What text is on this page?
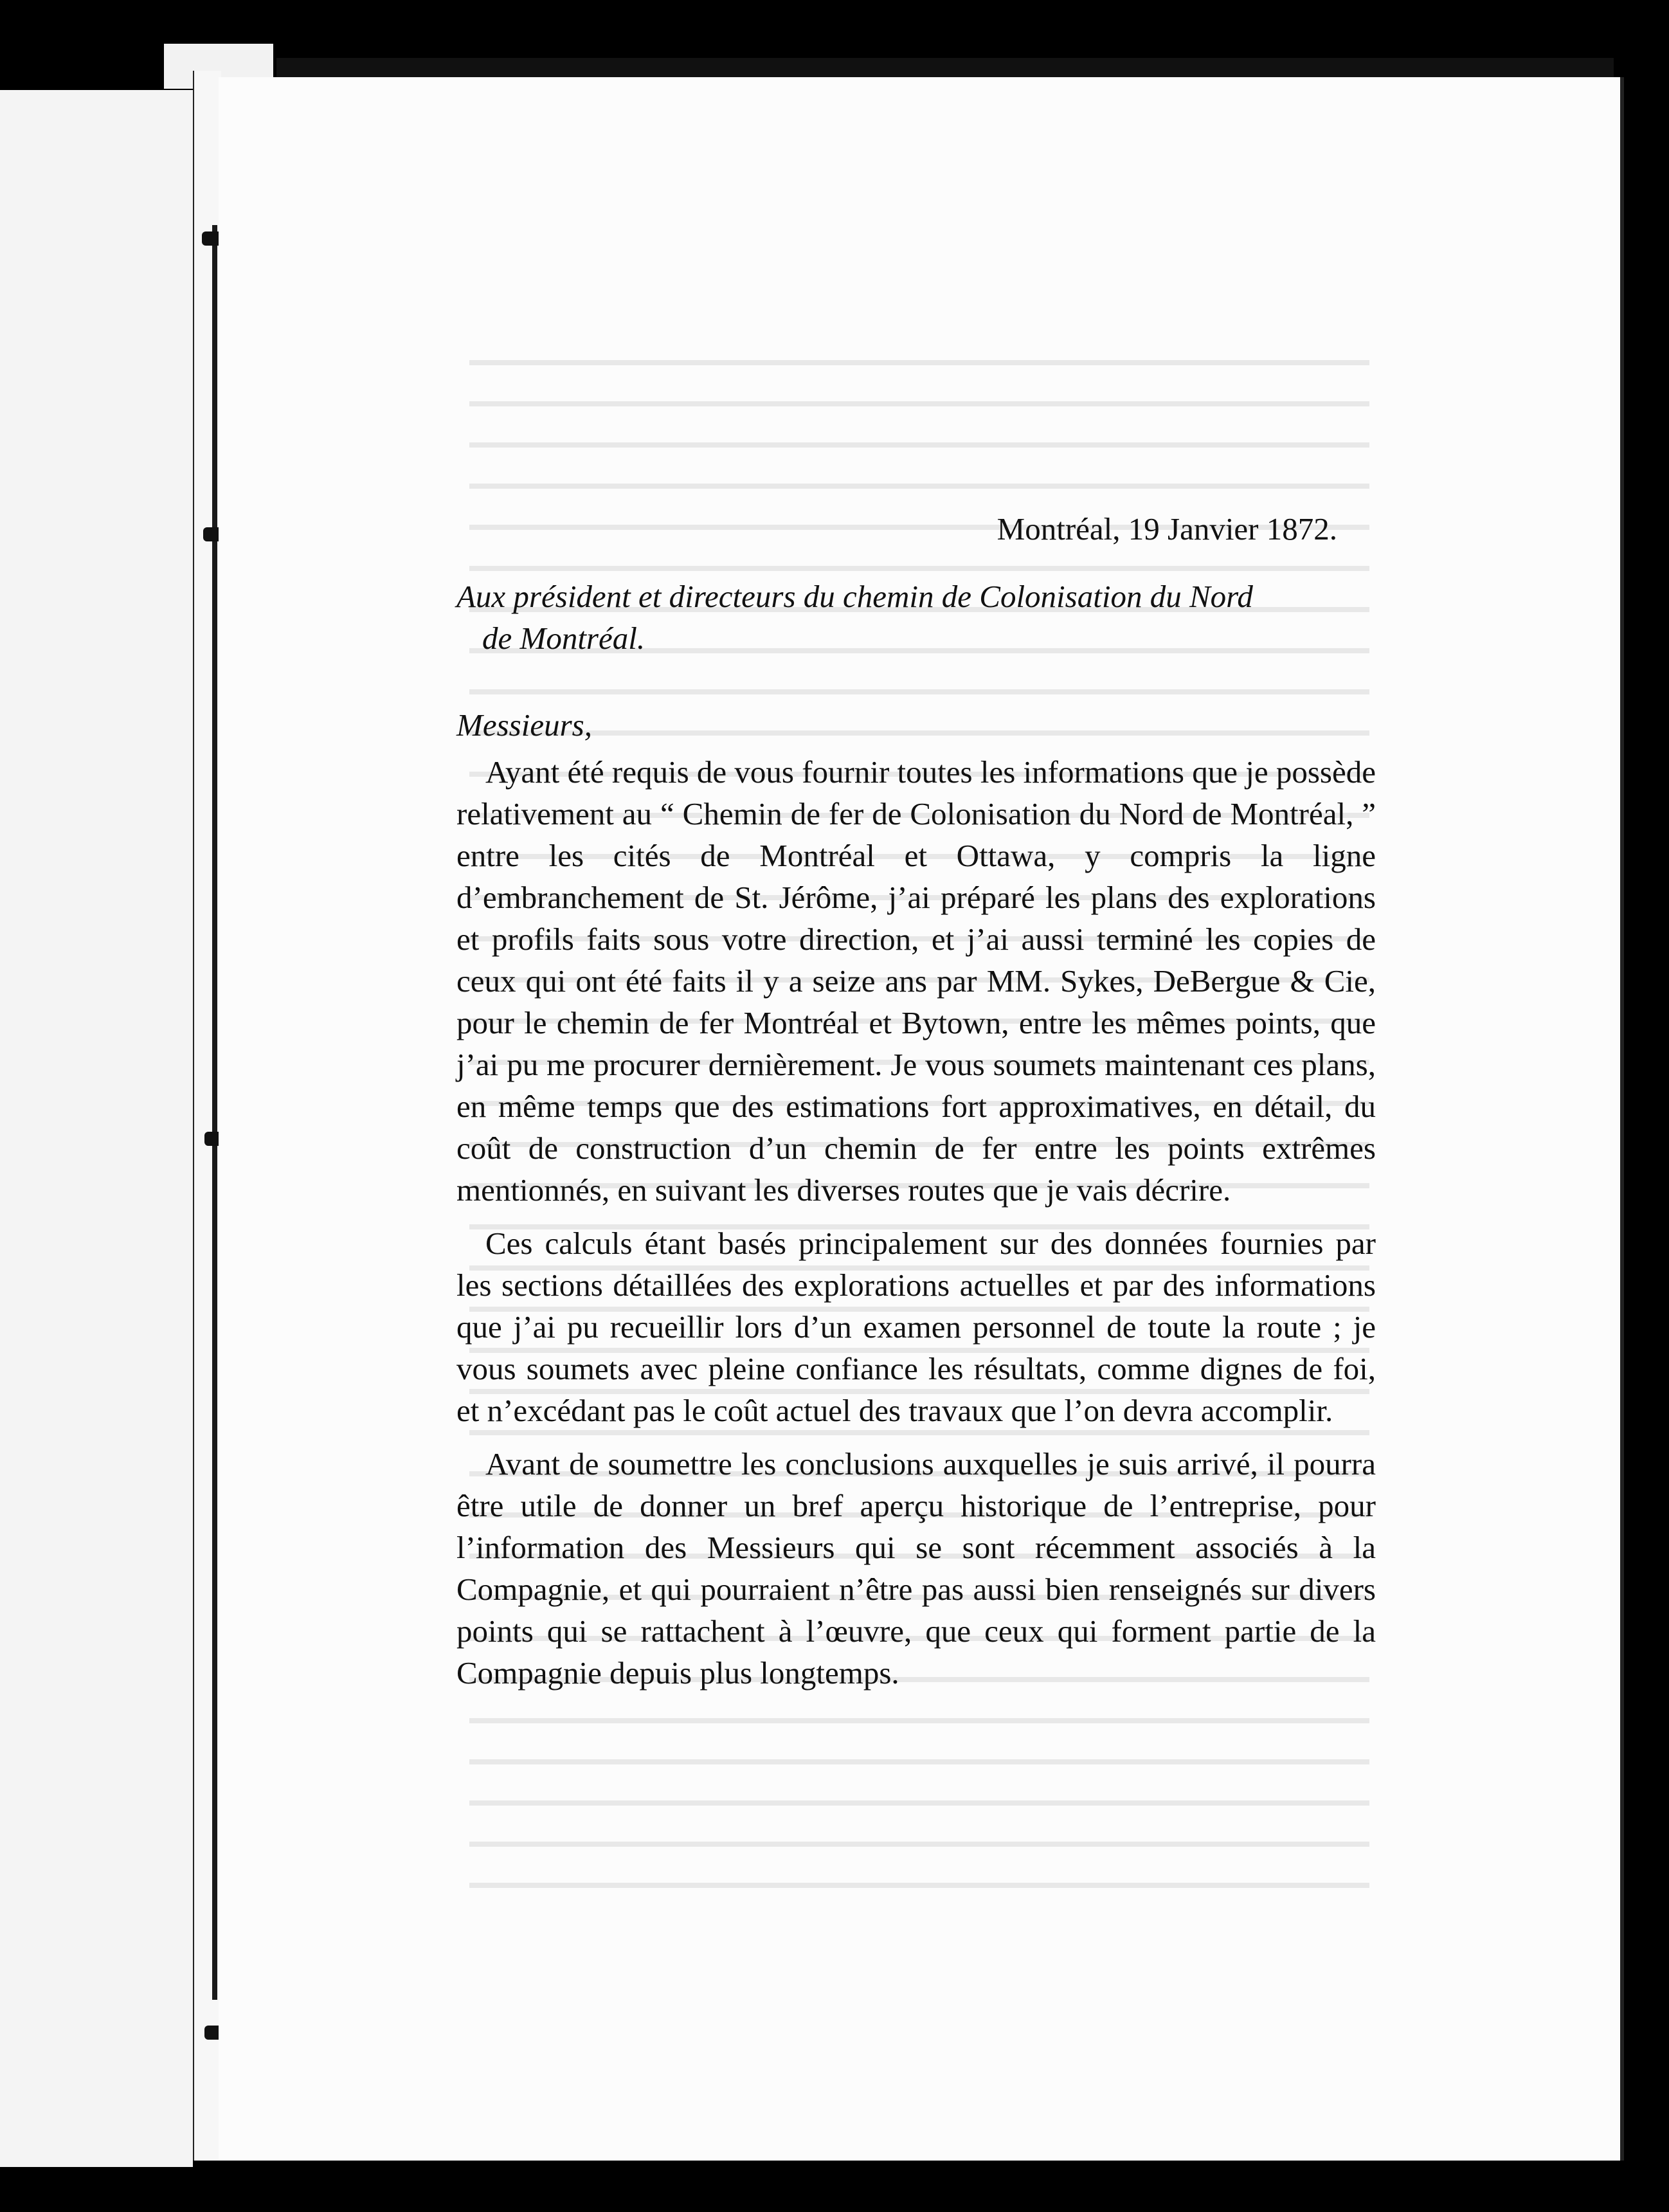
Montréal, 19 Janvier 1872.

Aux président et directeurs du chemin de Colonisation du Nord
de Montréal.

Messieurs,

Ayant été requis de vous fournir toutes les informations que je possède relativement au “ Chemin de fer de Colonisation du Nord de Montréal, ” entre les cités de Montréal et Ottawa, y compris la ligne d’embranchement de St. Jérôme, j’ai préparé les plans des explorations et profils faits sous votre direction, et j’ai aussi terminé les copies de ceux qui ont été faits il y a seize ans par MM. Sykes, DeBergue & Cie, pour le chemin de fer Montréal et Bytown, entre les mêmes points, que j’ai pu me procurer dernièrement. Je vous soumets maintenant ces plans, en même temps que des estimations fort approximatives, en détail, du coût de construction d’un chemin de fer entre les points extrêmes mentionnés, en suivant les diverses routes que je vais décrire.

Ces calculs étant basés principalement sur des données fournies par les sections détaillées des explorations actuelles et par des informations que j’ai pu recueillir lors d’un examen personnel de toute la route ; je vous soumets avec pleine confiance les résultats, comme dignes de foi, et n’excédant pas le coût actuel des travaux que l’on devra accomplir.

Avant de soumettre les conclusions auxquelles je suis arrivé, il pourra être utile de donner un bref aperçu historique de l’entreprise, pour l’information des Messieurs qui se sont récemment associés à la Compagnie, et qui pourraient n’être pas aussi bien renseignés sur divers points qui se rattachent à l’œuvre, que ceux qui forment partie de la Compagnie depuis plus longtemps.
